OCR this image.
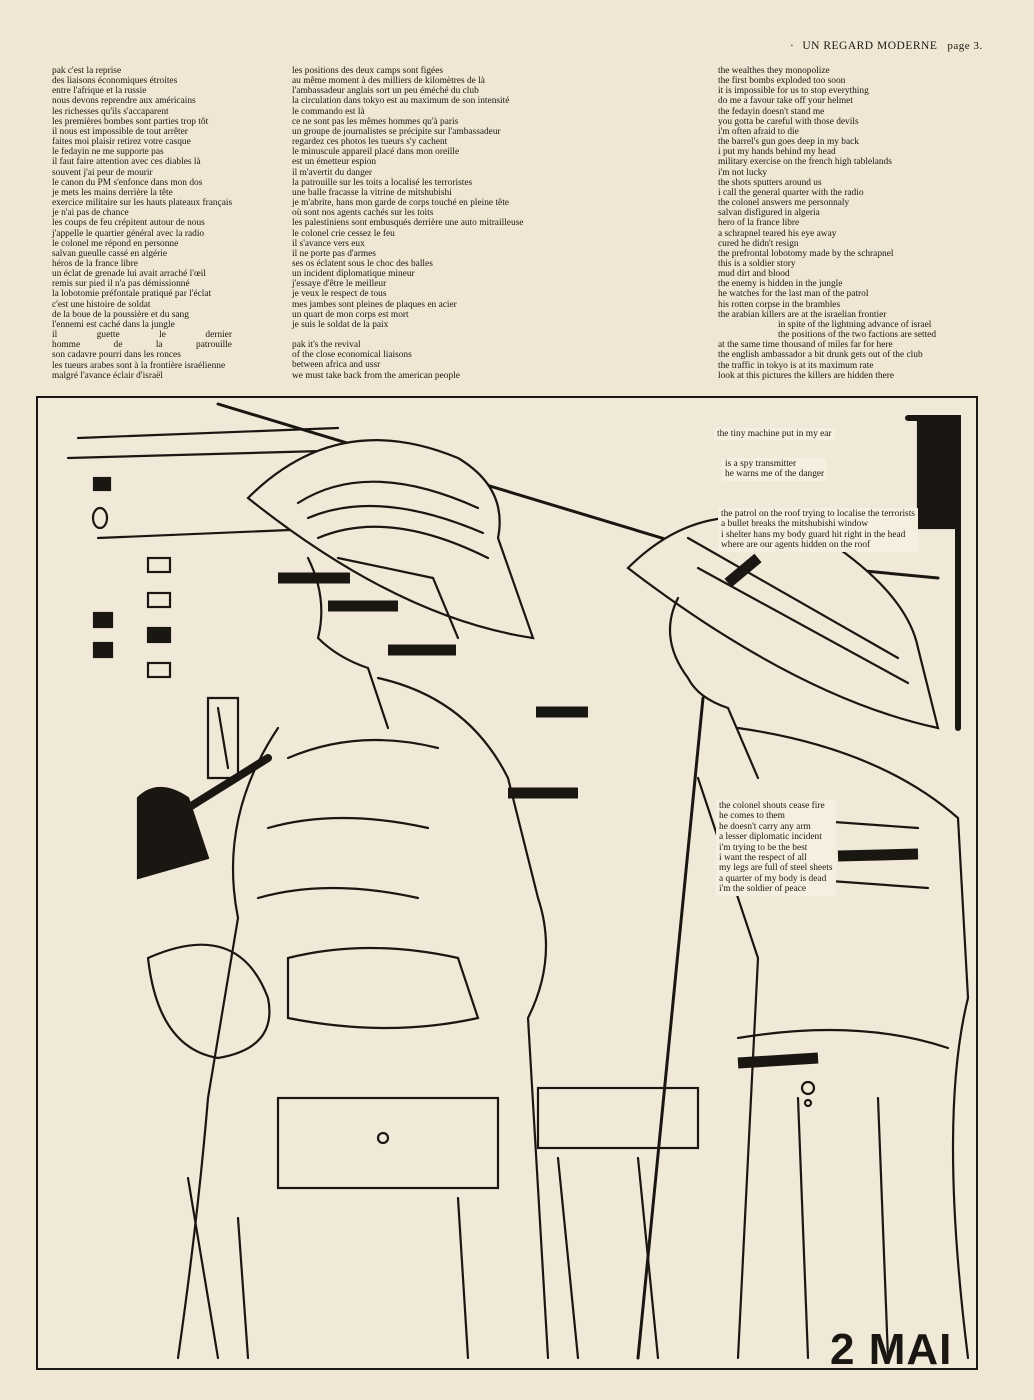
· UN REGARD MODERNE page 3.
pak c'est la reprise
des liaisons économiques étroites
entre l'afrique et la russie
nous devons reprendre aux américains
les richesses qu'ils s'accaparent
les premières bombes sont parties trop tôt
il nous est impossible de tout arrêter
faites moi plaisir retirez votre casque
le fedayin ne me supporte pas
il faut faire attention avec ces diables là
souvent j'ai peur de mourir
le canon du PM s'enfonce dans mon dos
je mets les mains derrière la tête
exercice militaire sur les hauts plateaux français
je n'ai pas de chance
les coups de feu crépitent autour de nous
j'appelle le quartier général avec la radio
le colonel me répond en personne
salvan gueulle cassé en algérie
héros de la france libre
un éclat de grenade lui avait arraché l'œil
remis sur pied il n'a pas démissionné
la lobotomie préfontale pratiqué par l'éclat
c'est une histoire de soldat
de la boue de la poussière et du sang
l'ennemi est caché dans la jungle
il	guette	le	dernier
homme	de	la	patrouille
son cadavre pourri dans les ronces
les tueurs arabes sont à la frontière israélienne
malgré l'avance éclair d'israël
les positions des deux camps sont figées
au même moment à des milliers de kilomètres de là
l'ambassadeur anglais sort un peu éméché du club
la circulation dans tokyo est au maximum de son intensité
le commando est là
ce ne sont pas les mêmes hommes qu'à paris
un groupe de journalistes se précipite sur l'ambassadeur
regardez ces photos les tueurs s'y cachent
le minuscule appareil placé dans mon oreille
est un émetteur espion
il m'avertit du danger
la patrouille sur les toits a localisé les terroristes
une balle fracasse la vitrine de mitshubishi
je m'abrite, hans mon garde de corps touché en pleine tête
où sont nos agents cachés sur les toits
les palestiniens sont embusqués derrière une auto mitrailleuse
le colonel crie cessez le feu
il s'avance vers eux
il ne porte pas d'armes
ses os éclatent sous le choc des balles
un incident diplomatique mineur
j'essaye d'être le meilleur
je veux le respect de tous
mes jambes sont pleines de plaques en acier
un quart de mon corps est mort
je suis le soldat de la paix
pak it's the revival
of the close economical liaisons
between africa and ussr
we must take back from the american people
the wealthes they monopolize
the first bombs exploded too soon
it is impossible for us to stop everything
do me a favour take off your helmet
the fedayin doesn't stand me
you gotta be careful with those devils
i'm often afraid to die
the barrel's gun goes deep in my back
i put my hands behind my head
military exercise on the french high tablelands
i'm not lucky
the shots sputters around us
i call the general quarter with the radio
the colonel answers me personnaly
salvan disfigured in algeria
hero of la france libre
a schrapnel teared his eye away
cured he didn't resign
the prefrontal lobotomy made by the schrapnel
this is a soldier story
mud dirt and blood
the enemy is hidden in the jungle
he watches for the last man of the patrol
his rotten corpse in the brambles
the arabian killers are at the israelian frontier
in spite of the lightning advance of israel
the positions of the two factions are setted
at the same time thousand of miles far for here
the english ambassador a bit drunk gets out of the club
the traffic in tokyo is at its maximum rate
look at this pictures the killers are hidden there
the tiny machine put in my ear
is a spy transmitter
he warns me of the danger
the patrol on the roof trying to localise the terrorists
a bullet breaks the mitshubishi window
i shelter hans my body guard hit right in the head
where are our agents hidden on the roof
the colonel shouts cease fire
he comes to them
he doesn't carry any arm
a lesser diplomatic incident
i'm trying to be the best
i want the respect of all
my legs are full of steel sheets
a quarter of my body is dead
i'm the soldier of peace
2 MAI
